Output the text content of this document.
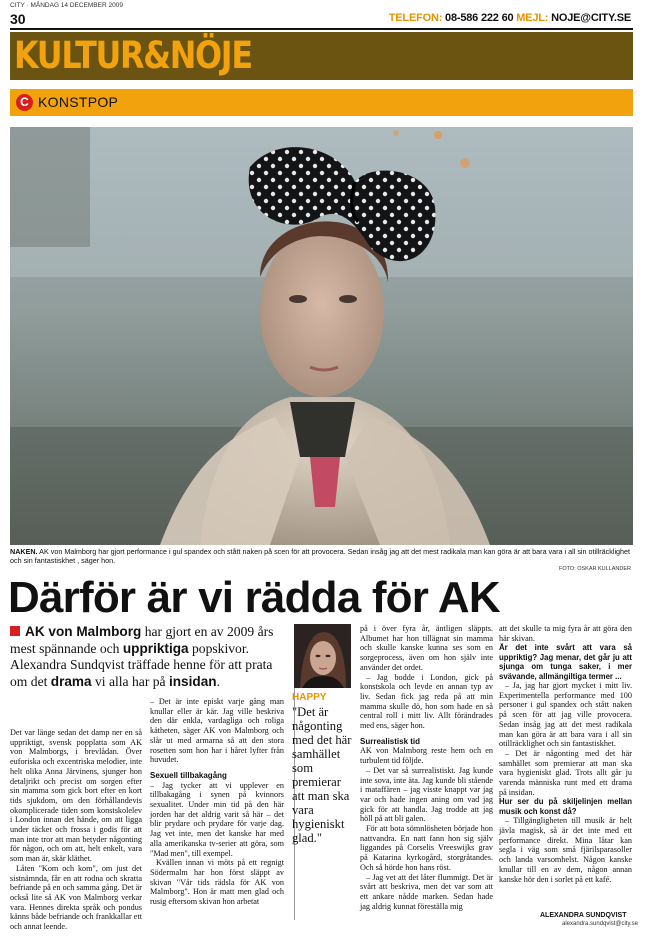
CITY · MÅNDAG 14 DECEMBER 2009
30	TELEFON: 08-586 222 60 MEJL: NOJE@CITY.SE
KULTUR&NÖJE
C KONSTPOP
NAKEN. AK von Malmborg har gjort performance i gul spandex och stått naken på scen för att provocera. Sedan insåg jag att det mest radikala man kan göra är att bara vara i all sin otillräcklighet och sin fantastiskhet , säger hon.
FOTO: OSKAR KULLANDER
Därför är vi rädda för AK
AK von Malmborg har gjort en av 2009 års mest spännande och uppriktiga popskivor. Alexandra Sundqvist träffade henne för att prata om det drama vi alla har på insidan.

Det var länge sedan det damp ner en så uppriktigt, svensk popplatta som AK von Malmborgs, i brevlådan. Över euforiska och excentriska melodier, inte helt olika Anna Järvinens, sjunger hon detaljrikt och precist om sorgen efter sin mamma som gick bort efter en kort tids sjukdom, om den förhållandevis okomplicerade tiden som konstskolelev i London innan det hände, om att ligga under täcket och frossa i godis för att man inte tror att man betyder någonting för någon, och om att, helt enkelt, vara som man är, skär kläthet.

Låten "Kom och kom", om just det sistnämnda, får en att rodna och skratta befriande på en och samma gång. Det är också lite så AK von Malmborg verkar vara. Hennes direkta språk och pondus känns både befriande och frankkallar ett och annat leende.

– Det är inte episkt varje gång man knullar eller är kär. Jag ville beskriva den där enkla, vardagliga och roliga kätheten, säger AK von Malmborg och slår ut med armarna så att den stora rosetten som hon har i håret lyfter från huvudet.

Sexuell tillbakagång

– Jag tycker att vi upplever en tillbakagång i synen på kvinnors sexualitet. Under min tid på den här jorden har det aldrig varit så här – det blir prydare och prydare för varje dag. Jag vet inte, men det kanske har med alla amerikanska tv-serier att göra, som "Mad men", till exempel.

Kvällen innan vi möts på ett regnigt Södermalm har hon först släppt av skivan "Vår tids rädsla för AK von Malmborg". Hon är matt men glad och rusig eftersom skivan hon arbetat

HAPPY
"Det är någonting med det här samhället som premierar att man ska vara hygieniskt glad."

på i över fyra år, äntligen släppts. Albumet har hon tillägnat sin mamma och skulle kanske kunna ses som en sorgeprocess, även om hon själv inte använder det ordet.

– Jag bodde i London, gick på konstskola och levde en annan typ av liv. Sedan fick jag reda på att min mamma skulle dö, hon som hade en så central roll i mitt liv. Allt förändrades med ens, säger hon.

Surrealistisk tid

AK von Malmborg reste hem och en turbulent tid följde.

– Det var så surrealistiskt. Jag kunde inte sova, inte äta. Jag kunde bli stående i mataffären – jag visste knappt var jag var och hade ingen aning om vad jag gick för att handla. Jag trodde att jag höll på att bli galen.

För att bota sömnlösheten började hon nattvandra. En natt fann hon sig själv liggandes på Corselis Vreeswijks grav på Katarina kyrkogård, storgråtandes. Och så hörde hon hans röst.

– Jag vet att det låter flummigt. Det är svårt att beskriva, men det var som att ett ankare nådde marken. Sedan hade jag aldrig kunnat föreställa mig

att det skulle ta mig fyra år att göra den här skivan.

Är det inte svårt att vara så uppriktig? Jag menar, det går ju att sjunga om tunga saker, i mer svävande, allmängiltiga termer ...

– Ja, jag har gjort mycket i mitt liv. Experimentella performance med 100 personer i gul spandex och stått naken på scen för att jag ville provocera. Sedan insåg jag att det mest radikala man kan göra är att bara vara i all sin otillräcklighet och sin fantastiskhet.

– Det är någonting med det här samhället som premierar att man ska vara hygieniskt glad. Trots allt går ju varenda människa runt med ett drama på insidan.

Hur ser du på skiljelinjen mellan musik och konst då?

– Tillgängligheten till musik är helt jävla magisk, så är det inte med ett performance direkt. Mina låtar kan segla i väg som små fjärilsparasoller och landa varsomhelst. Någon kanske knullar till en av dem, någon annan kanske hör den i sorlet på ett kafé.

ALEXANDRA SUNDQVIST
alexandra.sundqvist@city.se
